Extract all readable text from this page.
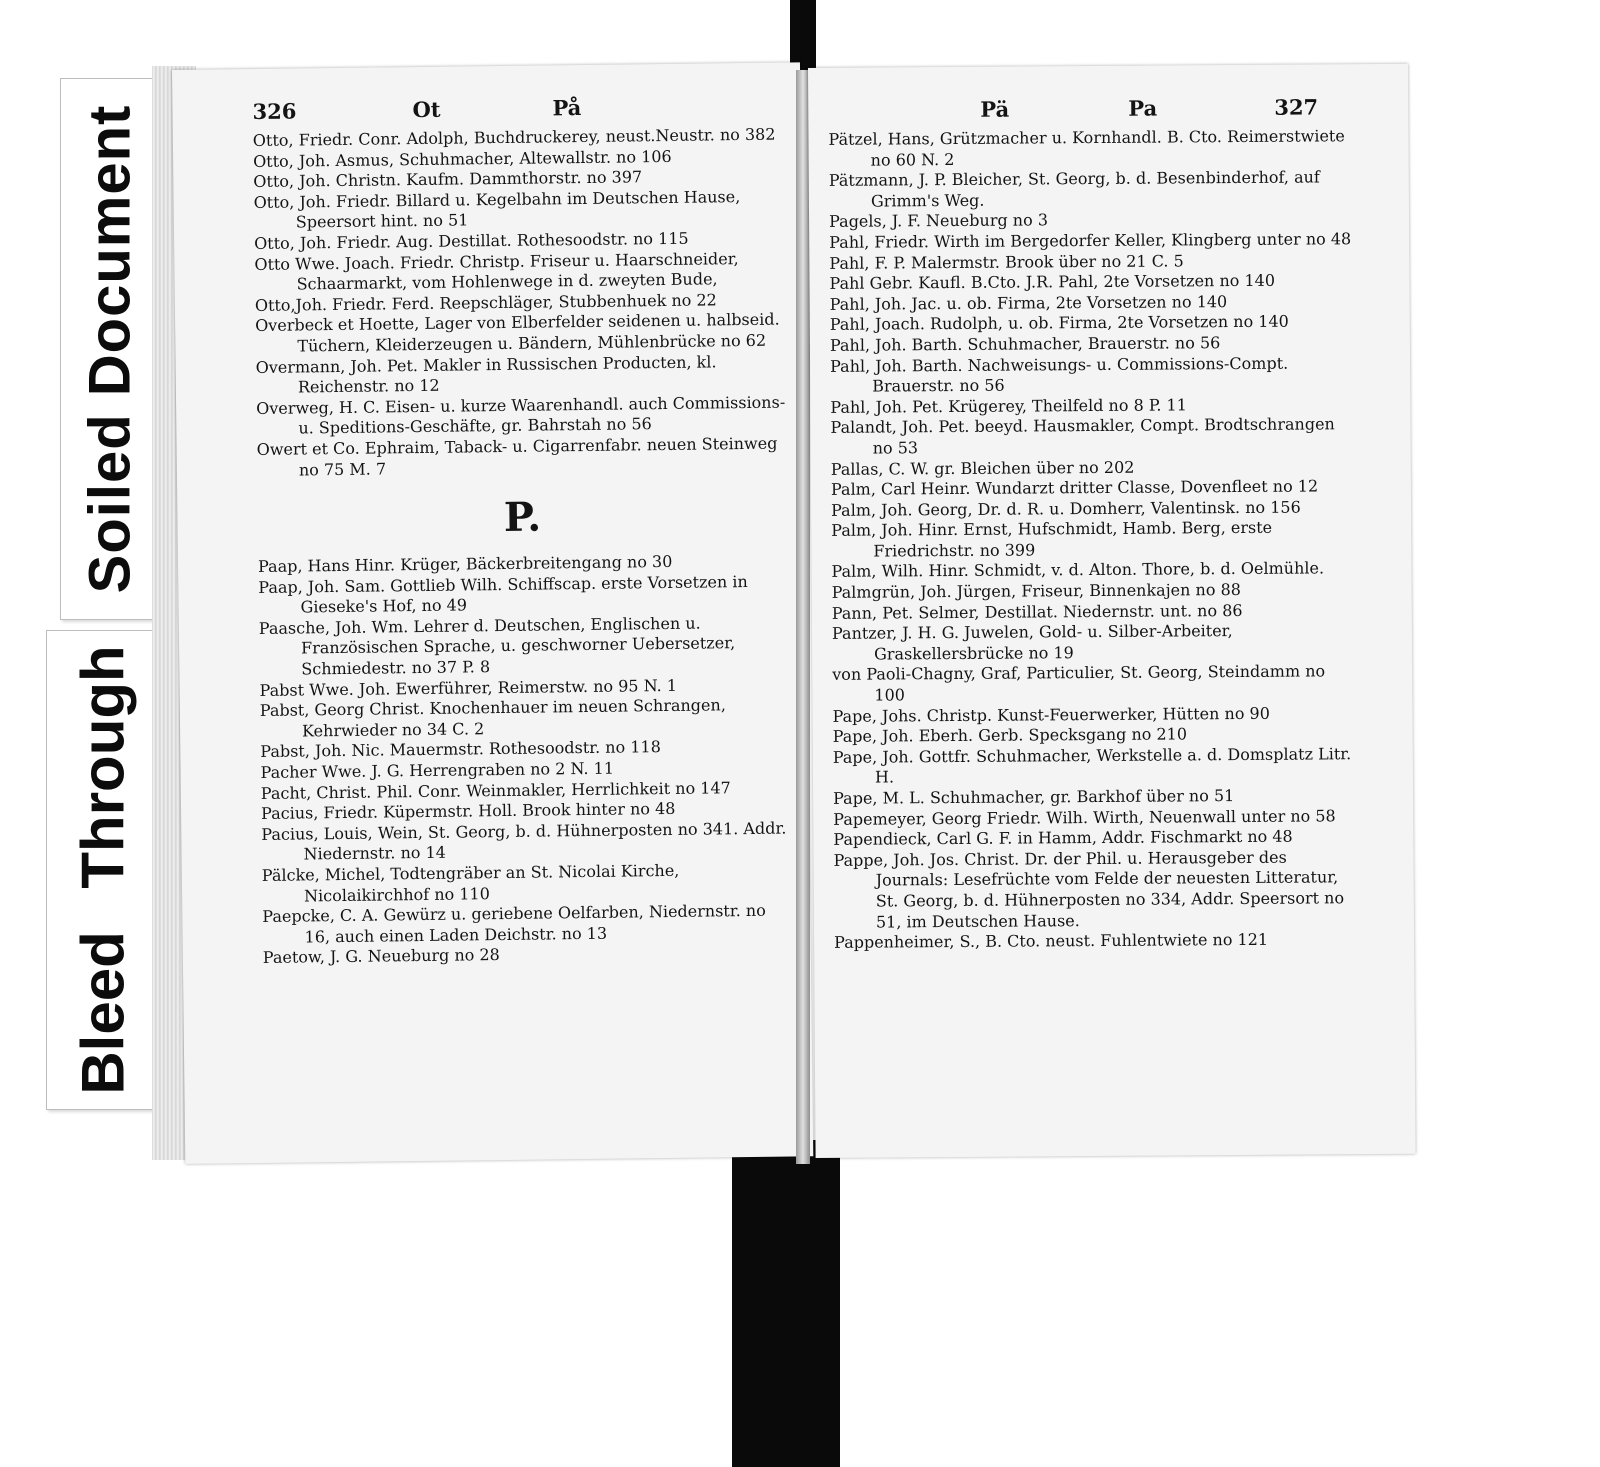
Soiled Document
Bleed Through
326	Ot	På
Otto, Friedr. Conr. Adolph, Buchdruckerey, neust.Neustr. no 382
Otto, Joh. Asmus, Schuhmacher, Altewallstr. no 106
Otto, Joh. Christn. Kaufm. Dammthorstr. no 397
Otto, Joh. Friedr. Billard u. Kegelbahn im Deutschen Hause, Speersort hint. no 51
Otto, Joh. Friedr. Aug. Destillat. Rothesoodstr. no 115
Otto Wwe. Joach. Friedr. Christp. Friseur u. Haarschneider, Schaarmarkt, vom Hohlenwege in d. zweyten Bude,
Otto,Joh. Friedr. Ferd. Reepschläger, Stubbenhuek no 22
Overbeck et Hoette, Lager von Elberfelder seidenen u. halbseid. Tüchern, Kleiderzeugen u. Bändern, Mühlenbrücke no 62
Overmann, Joh. Pet. Makler in Russischen Producten, kl. Reichenstr. no 12
Overweg, H. C. Eisen- u. kurze Waarenhandl. auch Commissions- u. Speditions-Geschäfte, gr. Bahrstah no 56
Owert et Co. Ephraim, Taback- u. Cigarrenfabr. neuen Steinweg no 75 M. 7
P.
Paap, Hans Hinr. Krüger, Bäckerbreitengang no 30
Paap, Joh. Sam. Gottlieb Wilh. Schiffscap. erste Vorsetzen in Gieseke's Hof, no 49
Paasche, Joh. Wm. Lehrer d. Deutschen, Englischen u. Französischen Sprache, u. geschworner Uebersetzer, Schmiedestr. no 37 P. 8
Pabst Wwe. Joh. Ewerführer, Reimerstw. no 95 N. 1
Pabst, Georg Christ. Knochenhauer im neuen Schrangen, Kehrwieder no 34 C. 2
Pabst, Joh. Nic. Mauermstr. Rothesoodstr. no 118
Pacher Wwe. J. G. Herrengraben no 2 N. 11
Pacht, Christ. Phil. Conr. Weinmakler, Herrlichkeit no 147
Pacius, Friedr. Küpermstr. Holl. Brook hinter no 48
Pacius, Louis, Wein, St. Georg, b. d. Hühnerposten no 341. Addr. Niedernstr. no 14
Pälcke, Michel, Todtengräber an St. Nicolai Kirche, Nicolaikirchhof no 110
Paepcke, C. A. Gewürz u. geriebene Oelfarben, Niedernstr. no 16, auch einen Laden Deichstr. no 13
Paetow, J. G. Neueburg no 28
Pä	Pa	327
Pätzel, Hans, Grützmacher u. Kornhandl. B. Cto. Reimerstwiete no 60 N. 2
Pätzmann, J. P. Bleicher, St. Georg, b. d. Besenbinderhof, auf Grimm's Weg.
Pagels, J. F. Neueburg no 3
Pahl, Friedr. Wirth im Bergedorfer Keller, Klingberg unter no 48
Pahl, F. P. Malermstr. Brook über no 21 C. 5
Pahl Gebr. Kaufl. B.Cto. J.R. Pahl, 2te Vorsetzen no 140
Pahl, Joh. Jac. u. ob. Firma, 2te Vorsetzen no 140
Pahl, Joach. Rudolph, u. ob. Firma, 2te Vorsetzen no 140
Pahl, Joh. Barth. Schuhmacher, Brauerstr. no 56
Pahl, Joh. Barth. Nachweisungs- u. Commissions-Compt. Brauerstr. no 56
Pahl, Joh. Pet. Krügerey, Theilfeld no 8 P. 11
Palandt, Joh. Pet. beeyd. Hausmakler, Compt. Brodtschrangen no 53
Pallas, C. W. gr. Bleichen über no 202
Palm, Carl Heinr. Wundarzt dritter Classe, Dovenfleet no 12
Palm, Joh. Georg, Dr. d. R. u. Domherr, Valentinsk. no 156
Palm, Joh. Hinr. Ernst, Hufschmidt, Hamb. Berg, erste Friedrichstr. no 399
Palm, Wilh. Hinr. Schmidt, v. d. Alton. Thore, b. d. Oelmühle.
Palmgrün, Joh. Jürgen, Friseur, Binnenkajen no 88
Pann, Pet. Selmer, Destillat. Niedernstr. unt. no 86
Pantzer, J. H. G. Juwelen, Gold- u. Silber-Arbeiter, Graskellersbrücke no 19
von Paoli-Chagny, Graf, Particulier, St. Georg, Steindamm no 100
Pape, Johs. Christp. Kunst-Feuerwerker, Hütten no 90
Pape, Joh. Eberh. Gerb. Specksgang no 210
Pape, Joh. Gottfr. Schuhmacher, Werkstelle a. d. Domsplatz Litr. H.
Pape, M. L. Schuhmacher, gr. Barkhof über no 51
Papemeyer, Georg Friedr. Wilh. Wirth, Neuenwall unter no 58
Papendieck, Carl G. F. in Hamm, Addr. Fischmarkt no 48
Pappe, Joh. Jos. Christ. Dr. der Phil. u. Herausgeber des Journals: Lesefrüchte vom Felde der neuesten Litteratur, St. Georg, b. d. Hühnerposten no 334, Addr. Speersort no 51, im Deutschen Hause.
Pappenheimer, S., B. Cto. neust. Fuhlentwiete no 121
